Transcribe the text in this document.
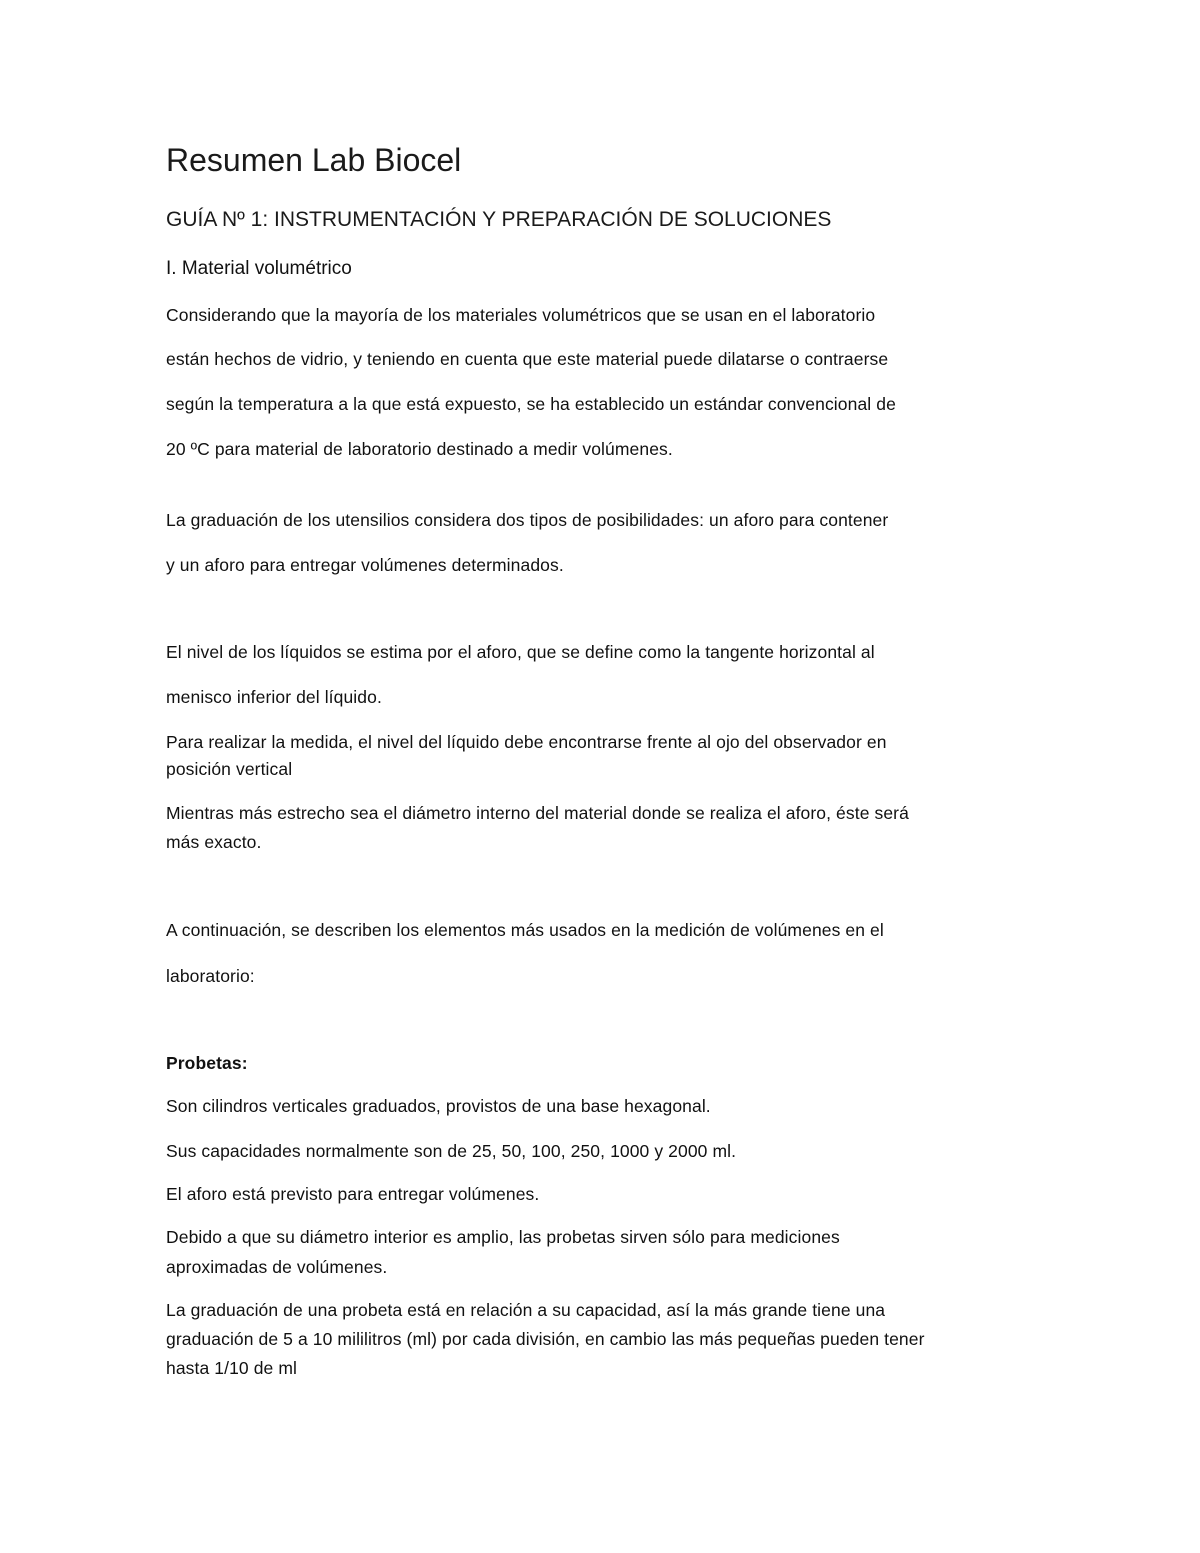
Resumen Lab Biocel
GUÍA Nº 1: INSTRUMENTACIÓN Y PREPARACIÓN DE SOLUCIONES
I. Material volumétrico
Considerando que la mayoría de los materiales volumétricos que se usan en el laboratorio
están hechos de vidrio, y teniendo en cuenta que este material puede dilatarse o contraerse
según la temperatura a la que está expuesto, se ha establecido un estándar convencional de
20 ºC para material de laboratorio destinado a medir volúmenes.
La graduación de los utensilios considera dos tipos de posibilidades: un aforo para contener
y un aforo para entregar volúmenes determinados.
El nivel de los líquidos se estima por el aforo, que se define como la tangente horizontal al
menisco inferior del líquido.
Para realizar la medida, el nivel del líquido debe encontrarse frente al ojo del observador en
posición vertical
Mientras más estrecho sea el diámetro interno del material donde se realiza el aforo, éste será
más exacto.
A continuación, se describen los elementos más usados en la medición de volúmenes en el
laboratorio:
Probetas:
Son cilindros verticales graduados, provistos de una base hexagonal.
Sus capacidades normalmente son de 25, 50, 100, 250, 1000 y 2000 ml.
El aforo está previsto para entregar volúmenes.
Debido a que su diámetro interior es amplio, las probetas sirven sólo para mediciones
aproximadas de volúmenes.
La graduación de una probeta está en relación a su capacidad, así la más grande tiene una
graduación de 5 a 10 mililitros (ml) por cada división, en cambio las más pequeñas pueden tener
hasta 1/10 de ml
